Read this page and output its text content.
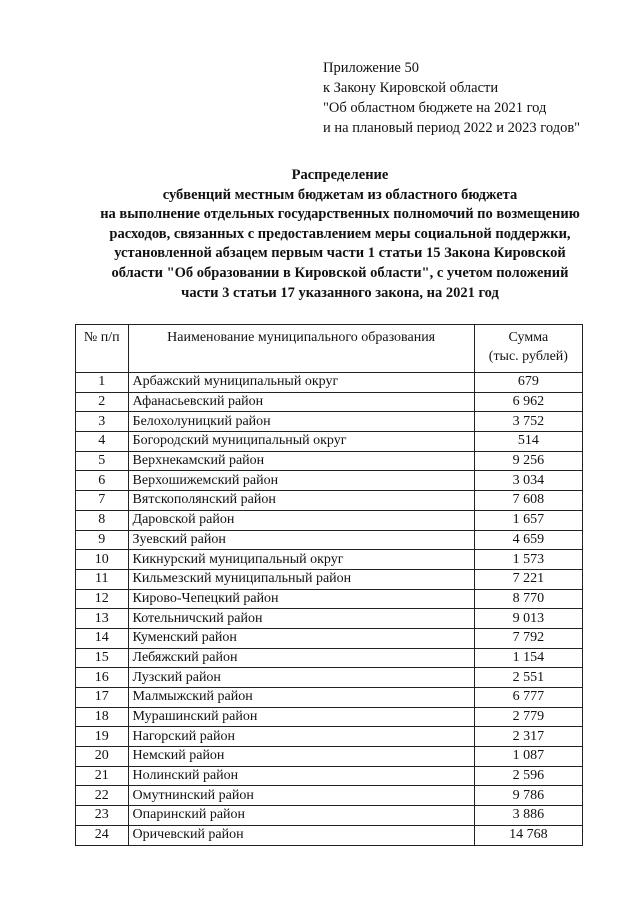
Приложение 50
к Закону Кировской области
"Об областном бюджете на 2021 год
и на плановый период 2022 и 2023 годов"
Распределение
субвенций местным бюджетам из областного бюджета
на выполнение отдельных государственных полномочий по возмещению
расходов, связанных с предоставлением меры социальной поддержки,
установленной абзацем первым части 1 статьи 15 Закона Кировской
области "Об образовании в Кировской области", с учетом положений
части 3 статьи 17 указанного закона, на 2021 год
№ п/п	Наименование муниципального образования	Сумма
(тыс. рублей)

1	Арбажский муниципальный округ	679
2	Афанасьевский район	6 962
3	Белохолуницкий район	3 752
4	Богородский муниципальный округ	514
5	Верхнекамский район	9 256
6	Верхошижемский район	3 034
7	Вятскополянский район	7 608
8	Даровской район	1 657
9	Зуевский район	4 659
10	Кикнурский муниципальный округ	1 573
11	Кильмезский муниципальный район	7 221
12	Кирово-Чепецкий район	8 770
13	Котельничский район	9 013
14	Куменский район	7 792
15	Лебяжский район	1 154
16	Лузский район	2 551
17	Малмыжский район	6 777
18	Мурашинский район	2 779
19	Нагорский район	2 317
20	Немский район	1 087
21	Нолинский район	2 596
22	Омутнинский район	9 786
23	Опаринский район	3 886
24	Оричевский район	14 768
